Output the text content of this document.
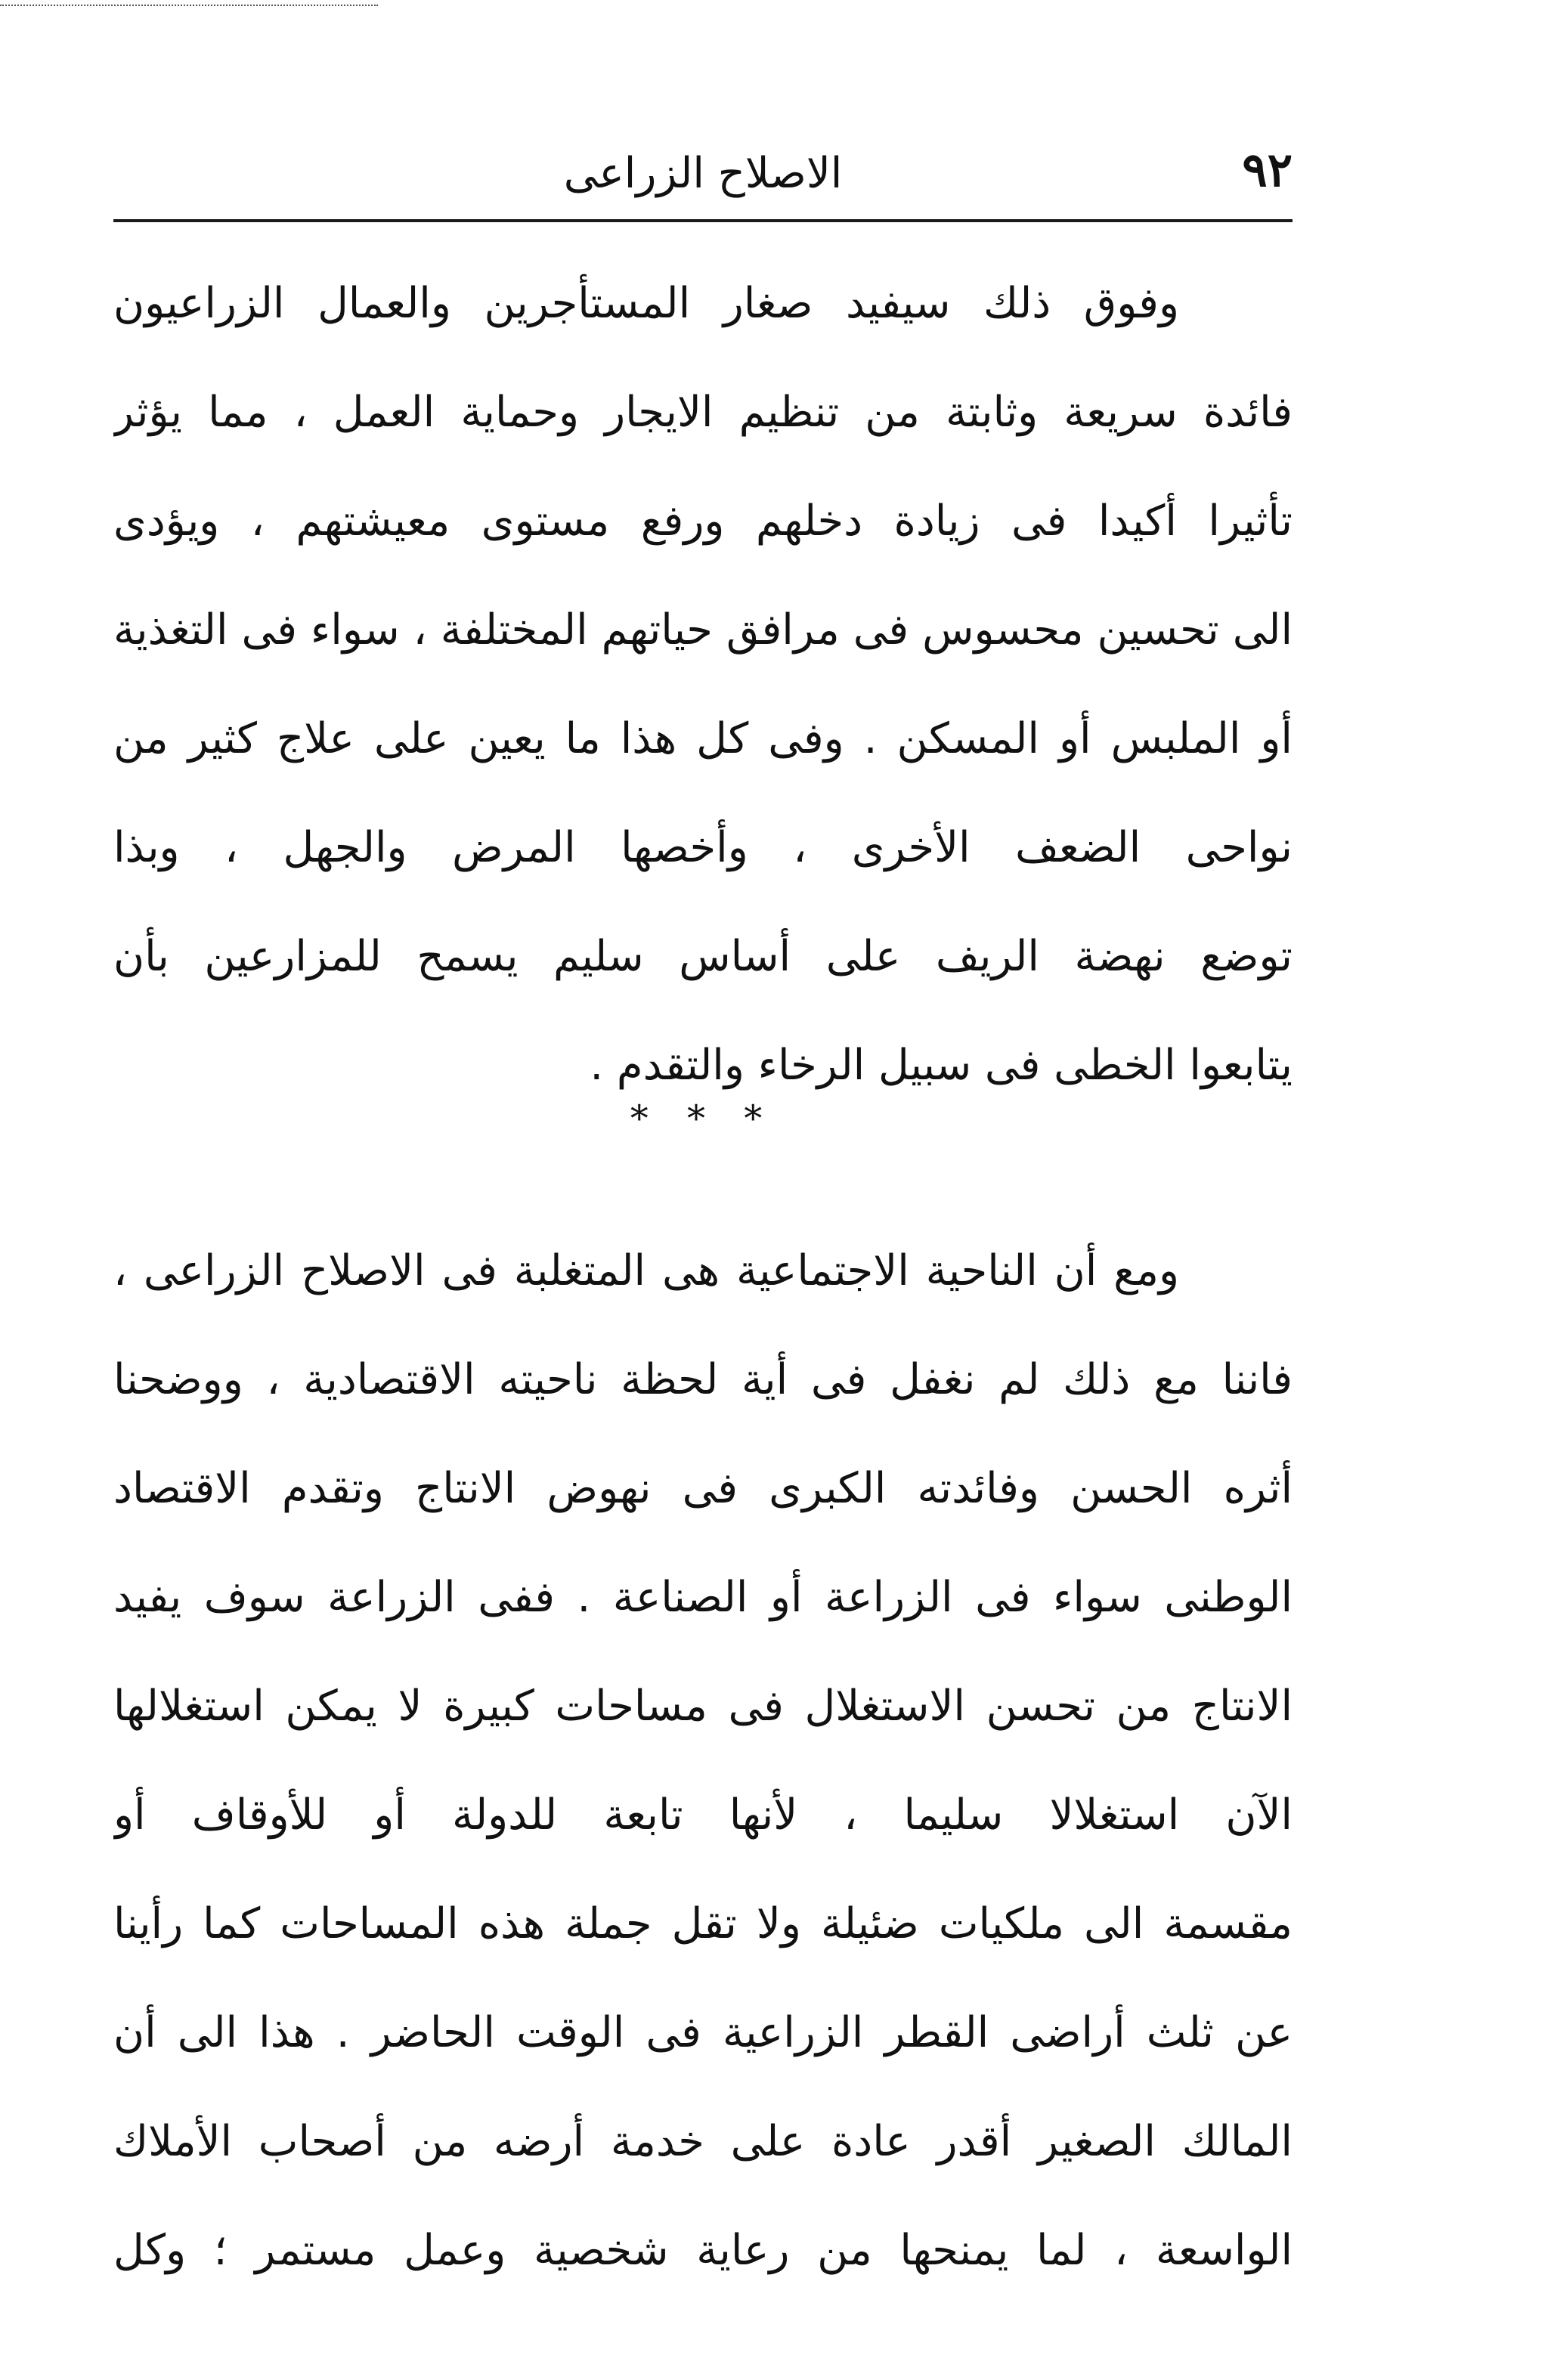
٩٢
الاصلاح الزراعى
وفوق ذلك سيفيد صغار المستأجرين والعمال الزراعيون
فائدة سريعة وثابتة من تنظيم الايجار وحماية العمل ، مما يؤثر
تأثيرا أكيدا فى زيادة دخلهم ورفع مستوى معيشتهم ، ويؤدى
الى تحسين محسوس فى مرافق حياتهم المختلفة ، سواء فى التغذية
أو الملبس أو المسكن . وفى كل هذا ما يعين على علاج كثير من
نواحى الضعف الأخرى ، وأخصها المرض والجهل ، وبذا
توضع نهضة الريف على أساس سليم يسمح للمزارعين بأن
يتابعوا الخطى فى سبيل الرخاء والتقدم .
* * *
ومع أن الناحية الاجتماعية هى المتغلبة فى الاصلاح الزراعى ،
فاننا مع ذلك لم نغفل فى أية لحظة ناحيته الاقتصادية ، ووضحنا
أثره الحسن وفائدته الكبرى فى نهوض الانتاج وتقدم الاقتصاد
الوطنى سواء فى الزراعة أو الصناعة . ففى الزراعة سوف يفيد
الانتاج من تحسن الاستغلال فى مساحات كبيرة لا يمكن استغلالها
الآن استغلالا سليما ، لأنها تابعة للدولة أو للأوقاف أو
مقسمة الى ملكيات ضئيلة ولا تقل جملة هذه المساحات كما رأينا
عن ثلث أراضى القطر الزراعية فى الوقت الحاضر . هذا الى أن
المالك الصغير أقدر عادة على خدمة أرضه من أصحاب الأملاك
الواسعة ، لما يمنحها من رعاية شخصية وعمل مستمر ؛ وكل
